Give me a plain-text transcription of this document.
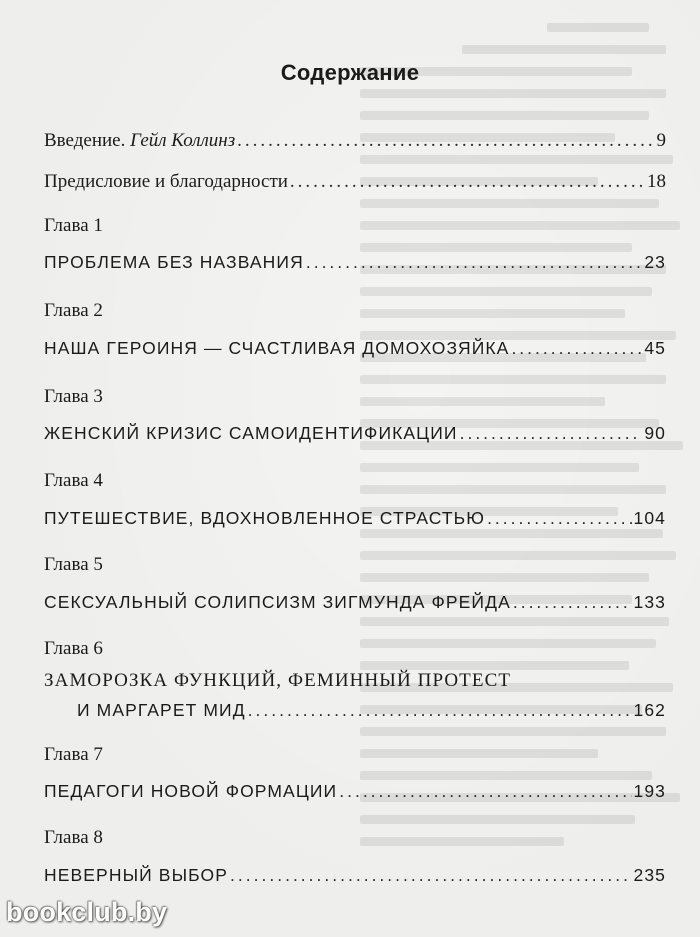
Содержание
Введение. Гейл Коллинз .....	9
Предисловие и благодарности .....	18
Глава 1
ПРОБЛЕМА БЕЗ НАЗВАНИЯ .....	23
Глава 2
НАША ГЕРОИНЯ — СЧАСТЛИВАЯ ДОМОХОЗЯЙКА .....	45
Глава 3
ЖЕНСКИЙ КРИЗИС САМОИДЕНТИФИКАЦИИ .....	90
Глава 4
ПУТЕШЕСТВИЕ, ВДОХНОВЛЕННОЕ СТРАСТЬЮ .....	104
Глава 5
СЕКСУАЛЬНЫЙ СОЛИПСИЗМ ЗИГМУНДА ФРЕЙДА .....	133
Глава 6
ЗАМОРОЗКА ФУНКЦИЙ, ФЕМИННЫЙ ПРОТЕСТ
И МАРГАРЕТ МИД .....	162
Глава 7
ПЕДАГОГИ НОВОЙ ФОРМАЦИИ .....	193
Глава 8
НЕВЕРНЫЙ ВЫБОР .....	235
bookclub.by
